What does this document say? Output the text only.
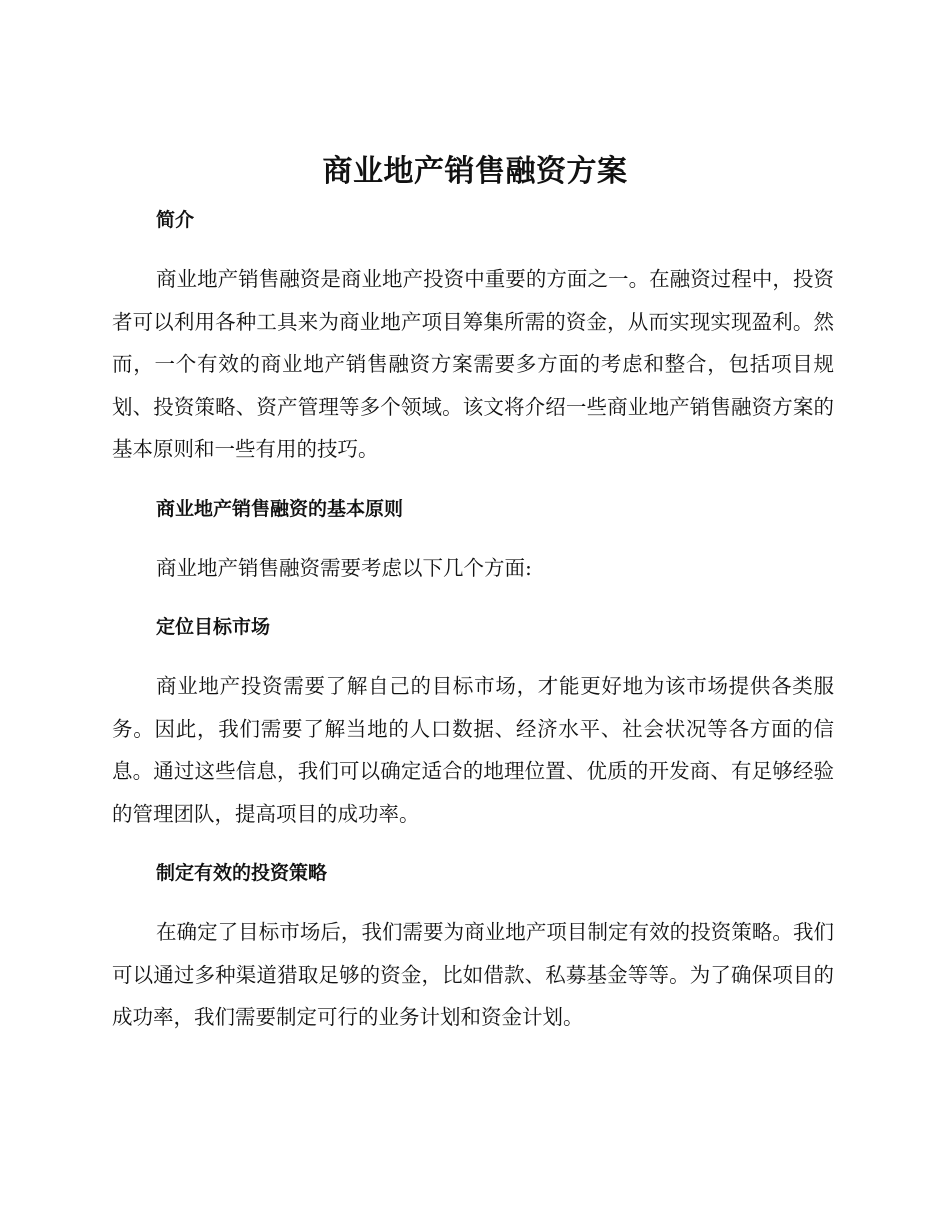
商业地产销售融资方案
简介

商业地产销售融资是商业地产投资中重要的方面之一。在融资过程中，投资者可以利用各种工具来为商业地产项目筹集所需的资金，从而实现实现盈利。然而，一个有效的商业地产销售融资方案需要多方面的考虑和整合，包括项目规划、投资策略、资产管理等多个领域。该文将介绍一些商业地产销售融资方案的基本原则和一些有用的技巧。

商业地产销售融资的基本原则

商业地产销售融资需要考虑以下几个方面:

定位目标市场

商业地产投资需要了解自己的目标市场，才能更好地为该市场提供各类服务。因此，我们需要了解当地的人口数据、经济水平、社会状况等各方面的信息。通过这些信息，我们可以确定适合的地理位置、优质的开发商、有足够经验的管理团队，提高项目的成功率。

制定有效的投资策略

在确定了目标市场后，我们需要为商业地产项目制定有效的投资策略。我们可以通过多种渠道猎取足够的资金，比如借款、私募基金等等。为了确保项目的成功率，我们需要制定可行的业务计划和资金计划。
